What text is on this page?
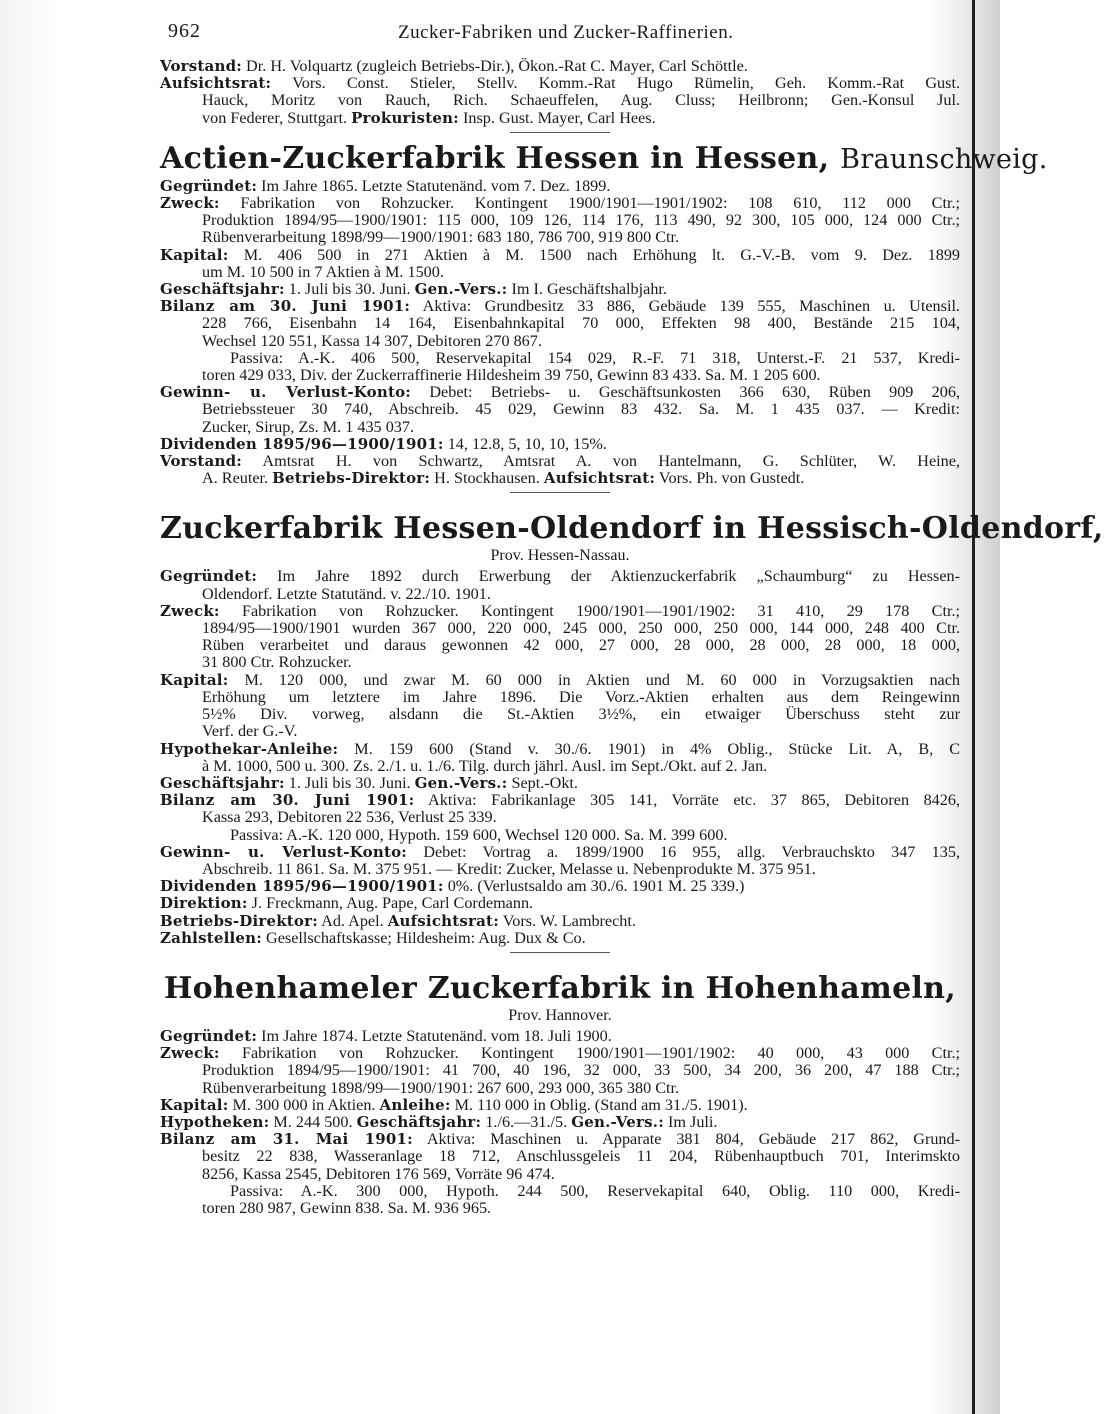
962	Zucker-Fabriken und Zucker-Raffinerien.
Vorstand: Dr. H. Volquartz (zugleich Betriebs-Dir.), Ökon.-Rat C. Mayer, Carl Schöttle.
Aufsichtsrat: Vors. Const. Stieler, Stellv. Komm.-Rat Hugo Rümelin, Geh. Komm.-Rat Gust.
Hauck, Moritz von Rauch, Rich. Schaeuffelen, Aug. Cluss; Heilbronn; Gen.-Konsul Jul.
von Federer, Stuttgart. Prokuristen: Insp. Gust. Mayer, Carl Hees.
Actien-Zuckerfabrik Hessen in Hessen, Braunschweig.
Gegründet: Im Jahre 1865. Letzte Statutenänd. vom 7. Dez. 1899.
Zweck: Fabrikation von Rohzucker. Kontingent 1900/1901—1901/1902: 108 610, 112 000 Ctr.;
Produktion 1894/95—1900/1901: 115 000, 109 126, 114 176, 113 490, 92 300, 105 000, 124 000 Ctr.;
Rübenverarbeitung 1898/99—1900/1901: 683 180, 786 700, 919 800 Ctr.
Kapital: M. 406 500 in 271 Aktien à M. 1500 nach Erhöhung lt. G.-V.-B. vom 9. Dez. 1899
um M. 10 500 in 7 Aktien à M. 1500.
Geschäftsjahr: 1. Juli bis 30. Juni. Gen.-Vers.: Im I. Geschäftshalbjahr.
Bilanz am 30. Juni 1901: Aktiva: Grundbesitz 33 886, Gebäude 139 555, Maschinen u. Utensil.
228 766, Eisenbahn 14 164, Eisenbahnkapital 70 000, Effekten 98 400, Bestände 215 104,
Wechsel 120 551, Kassa 14 307, Debitoren 270 867.
Passiva: A.-K. 406 500, Reservekapital 154 029, R.-F. 71 318, Unterst.-F. 21 537, Kredi-
toren 429 033, Div. der Zuckerraffinerie Hildesheim 39 750, Gewinn 83 433. Sa. M. 1 205 600.
Gewinn- u. Verlust-Konto: Debet: Betriebs- u. Geschäftsunkosten 366 630, Rüben 909 206,
Betriebssteuer 30 740, Abschreib. 45 029, Gewinn 83 432. Sa. M. 1 435 037. — Kredit:
Zucker, Sirup, Zs. M. 1 435 037.
Dividenden 1895/96—1900/1901: 14, 12.8, 5, 10, 10, 15%.
Vorstand: Amtsrat H. von Schwartz, Amtsrat A. von Hantelmann, G. Schlüter, W. Heine,
A. Reuter. Betriebs-Direktor: H. Stockhausen. Aufsichtsrat: Vors. Ph. von Gustedt.
Zuckerfabrik Hessen-Oldendorf in Hessisch-Oldendorf,
Prov. Hessen-Nassau.
Gegründet: Im Jahre 1892 durch Erwerbung der Aktienzuckerfabrik „Schaumburg“ zu Hessen-
Oldendorf. Letzte Statutänd. v. 22./10. 1901.
Zweck: Fabrikation von Rohzucker. Kontingent 1900/1901—1901/1902: 31 410, 29 178 Ctr.;
1894/95—1900/1901 wurden 367 000, 220 000, 245 000, 250 000, 250 000, 144 000, 248 400 Ctr.
Rüben verarbeitet und daraus gewonnen 42 000, 27 000, 28 000, 28 000, 28 000, 18 000,
31 800 Ctr. Rohzucker.
Kapital: M. 120 000, und zwar M. 60 000 in Aktien und M. 60 000 in Vorzugsaktien nach
Erhöhung um letztere im Jahre 1896. Die Vorz.-Aktien erhalten aus dem Reingewinn
5½% Div. vorweg, alsdann die St.-Aktien 3½%, ein etwaiger Überschuss steht zur
Verf. der G.-V.
Hypothekar-Anleihe: M. 159 600 (Stand v. 30./6. 1901) in 4% Oblig., Stücke Lit. A, B, C
à M. 1000, 500 u. 300. Zs. 2./1. u. 1./6. Tilg. durch jährl. Ausl. im Sept./Okt. auf 2. Jan.
Geschäftsjahr: 1. Juli bis 30. Juni. Gen.-Vers.: Sept.-Okt.
Bilanz am 30. Juni 1901: Aktiva: Fabrikanlage 305 141, Vorräte etc. 37 865, Debitoren 8426,
Kassa 293, Debitoren 22 536, Verlust 25 339.
Passiva: A.-K. 120 000, Hypoth. 159 600, Wechsel 120 000. Sa. M. 399 600.
Gewinn- u. Verlust-Konto: Debet: Vortrag a. 1899/1900 16 955, allg. Verbrauchskto 347 135,
Abschreib. 11 861. Sa. M. 375 951. — Kredit: Zucker, Melasse u. Nebenprodukte M. 375 951.
Dividenden 1895/96—1900/1901: 0%. (Verlustsaldo am 30./6. 1901 M. 25 339.)
Direktion: J. Freckmann, Aug. Pape, Carl Cordemann.
Betriebs-Direktor: Ad. Apel. Aufsichtsrat: Vors. W. Lambrecht.
Zahlstellen: Gesellschaftskasse; Hildesheim: Aug. Dux & Co.
Hohenhameler Zuckerfabrik in Hohenhameln,
Prov. Hannover.
Gegründet: Im Jahre 1874. Letzte Statutenänd. vom 18. Juli 1900.
Zweck: Fabrikation von Rohzucker. Kontingent 1900/1901—1901/1902: 40 000, 43 000 Ctr.;
Produktion 1894/95—1900/1901: 41 700, 40 196, 32 000, 33 500, 34 200, 36 200, 47 188 Ctr.;
Rübenverarbeitung 1898/99—1900/1901: 267 600, 293 000, 365 380 Ctr.
Kapital: M. 300 000 in Aktien. Anleihe: M. 110 000 in Oblig. (Stand am 31./5. 1901).
Hypotheken: M. 244 500. Geschäftsjahr: 1./6.—31./5. Gen.-Vers.: Im Juli.
Bilanz am 31. Mai 1901: Aktiva: Maschinen u. Apparate 381 804, Gebäude 217 862, Grund-
besitz 22 838, Wasseranlage 18 712, Anschlussgeleis 11 204, Rübenhauptbuch 701, Interimskto
8256, Kassa 2545, Debitoren 176 569, Vorräte 96 474.
Passiva: A.-K. 300 000, Hypoth. 244 500, Reservekapital 640, Oblig. 110 000, Kredi-
toren 280 987, Gewinn 838. Sa. M. 936 965.
